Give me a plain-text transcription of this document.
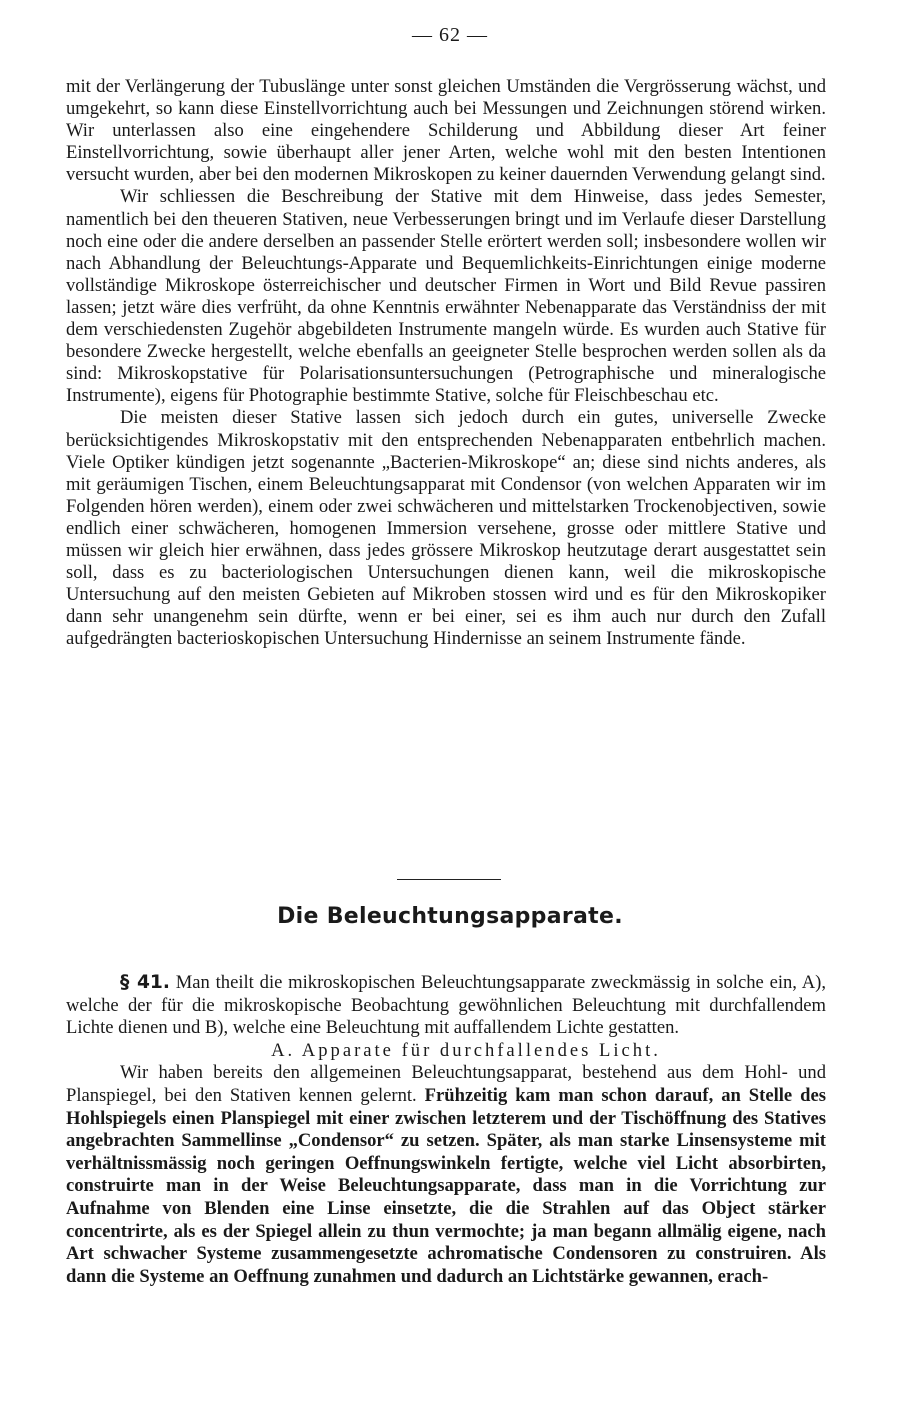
— 62 —

mit der Verlängerung der Tubuslänge unter sonst gleichen Umständen die Vergrösserung wächst, und umgekehrt, so kann diese Einstellvorrichtung auch bei Messungen und Zeichnungen störend wirken. Wir unterlassen also eine eingehendere Schilderung und Abbildung dieser Art feiner Einstellvorrichtung, sowie überhaupt aller jener Arten, welche wohl mit den besten Intentionen versucht wurden, aber bei den modernen Mikroskopen zu keiner dauernden Verwendung gelangt sind.

Wir schliessen die Beschreibung der Stative mit dem Hinweise, dass jedes Semester, namentlich bei den theueren Stativen, neue Verbesserungen bringt und im Verlaufe dieser Darstellung noch eine oder die andere derselben an passender Stelle erörtert werden soll; insbesondere wollen wir nach Abhandlung der Beleuchtungs-Apparate und Bequemlichkeits-Einrichtungen einige moderne vollständige Mikroskope österreichischer und deutscher Firmen in Wort und Bild Revue passiren lassen; jetzt wäre dies verfrüht, da ohne Kenntnis erwähnter Nebenapparate das Verständniss der mit dem verschiedensten Zugehör abgebildeten Instrumente mangeln würde. Es wurden auch Stative für besondere Zwecke hergestellt, welche ebenfalls an geeigneter Stelle besprochen werden sollen als da sind: Mikroskopstative für Polarisationsuntersuchungen (Petrographische und mineralogische Instrumente), eigens für Photographie bestimmte Stative, solche für Fleischbeschau etc.

Die meisten dieser Stative lassen sich jedoch durch ein gutes, universelle Zwecke berücksichtigendes Mikroskopstativ mit den entsprechenden Nebenapparaten entbehrlich machen. Viele Optiker kündigen jetzt sogenannte „Bacterien-Mikroskope“ an; diese sind nichts anderes, als mit geräumigen Tischen, einem Beleuchtungsapparat mit Condensor (von welchen Apparaten wir im Folgenden hören werden), einem oder zwei schwächeren und mittelstarken Trockenobjectiven, sowie endlich einer schwächeren, homogenen Immersion versehene, grosse oder mittlere Stative und müssen wir gleich hier erwähnen, dass jedes grössere Mikroskop heutzutage derart ausgestattet sein soll, dass es zu bacteriologischen Untersuchungen dienen kann, weil die mikroskopische Untersuchung auf den meisten Gebieten auf Mikroben stossen wird und es für den Mikroskopiker dann sehr unangenehm sein dürfte, wenn er bei einer, sei es ihm auch nur durch den Zufall aufgedrängten bacterioskopischen Untersuchung Hindernisse an seinem Instrumente fände.

Die Beleuchtungsapparate.

§ 41. Man theilt die mikroskopischen Beleuchtungsapparate zweckmässig in solche ein, A), welche der für die mikroskopische Beobachtung gewöhnlichen Beleuchtung mit durchfallendem Lichte dienen und B), welche eine Beleuchtung mit auffallendem Lichte gestatten.

A. Apparate für durchfallendes Licht.

Wir haben bereits den allgemeinen Beleuchtungsapparat, bestehend aus dem Hohl- und Planspiegel, bei den Stativen kennen gelernt. Frühzeitig kam man schon darauf, an Stelle des Hohlspiegels einen Planspiegel mit einer zwischen letzterem und der Tischöffnung des Statives angebrachten Sammellinse „Condensor“ zu setzen. Später, als man starke Linsensysteme mit verhältnissmässig noch geringen Oeffnungswinkeln fertigte, welche viel Licht absorbirten, construirte man in der Weise Beleuchtungsapparate, dass man in die Vorrichtung zur Aufnahme von Blenden eine Linse einsetzte, die die Strahlen auf das Object stärker concentrirte, als es der Spiegel allein zu thun vermochte; ja man begann allmälig eigene, nach Art schwacher Systeme zusammengesetzte achromatische Condensoren zu construiren. Als dann die Systeme an Oeffnung zunahmen und dadurch an Lichtstärke gewannen, erach-
